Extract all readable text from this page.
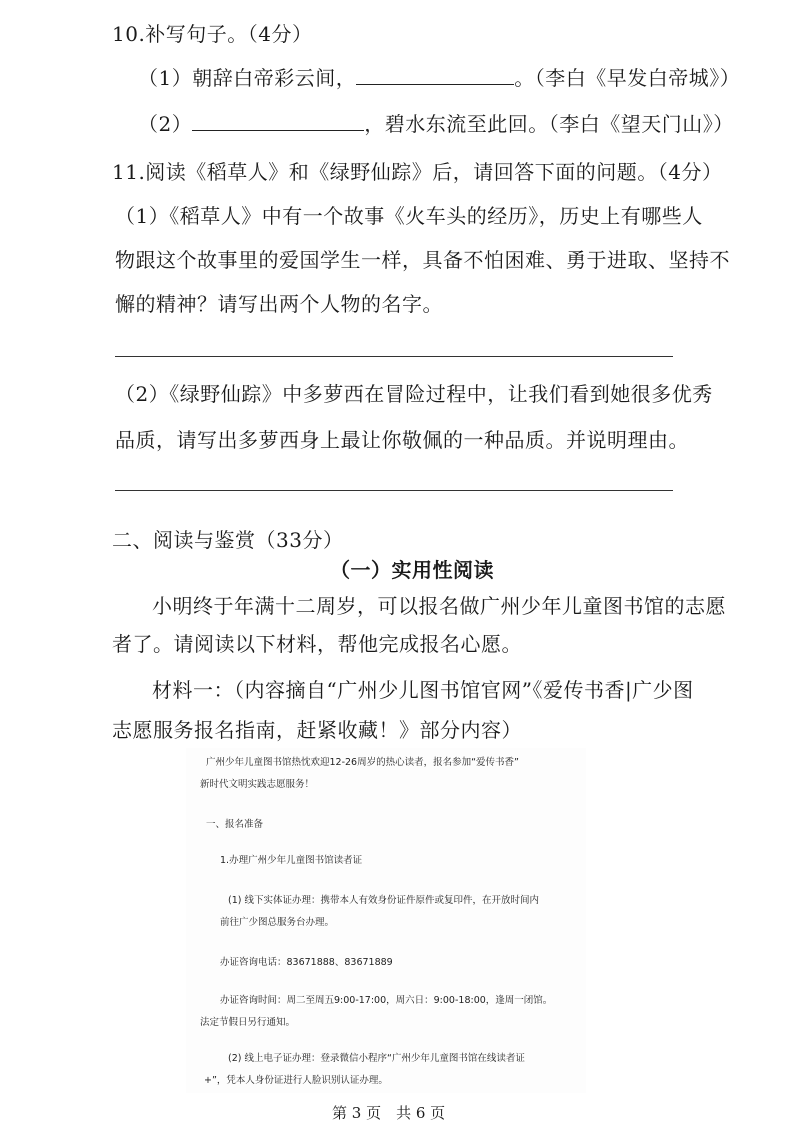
10.补写句子。（4分）
（1）朝辞白帝彩云间，	。（李白《早发白帝城》）
（2）	，碧水东流至此回。（李白《望天门山》）
11.阅读《稻草人》和《绿野仙踪》后，请回答下面的问题。（4分）
（1）《稻草人》中有一个故事《火车头的经历》，历史上有哪些人
物跟这个故事里的爱国学生一样，具备不怕困难、勇于进取、坚持不
懈的精神？请写出两个人物的名字。
（2）《绿野仙踪》中多萝西在冒险过程中，让我们看到她很多优秀
品质，请写出多萝西身上最让你敬佩的一种品质。并说明理由。
二、阅读与鉴赏（33分）
（一）实用性阅读
小明终于年满十二周岁，可以报名做广州少年儿童图书馆的志愿
者了。请阅读以下材料，帮他完成报名心愿。
材料一：（内容摘自“广州少儿图书馆官网”《爱传书香|广少图
志愿服务报名指南，赶紧收藏！》部分内容）
广州少年儿童图书馆热忱欢迎12-26周岁的热心读者，报名参加“爱传书香”
新时代文明实践志愿服务！
一、报名准备
1.办理广州少年儿童图书馆读者证
(1) 线下实体证办理：携带本人有效身份证件原件或复印件，在开放时间内
前往广少图总服务台办理。
办证咨询电话：83671888、83671889
办证咨询时间：周二至周五9:00-17:00，周六日：9:00-18:00，逢周一闭馆。
法定节假日另行通知。
(2) 线上电子证办理：登录微信小程序“广州少年儿童图书馆在线读者证
+”，凭本人身份证进行人脸识别认证办理。
第 3 页　共 6 页
